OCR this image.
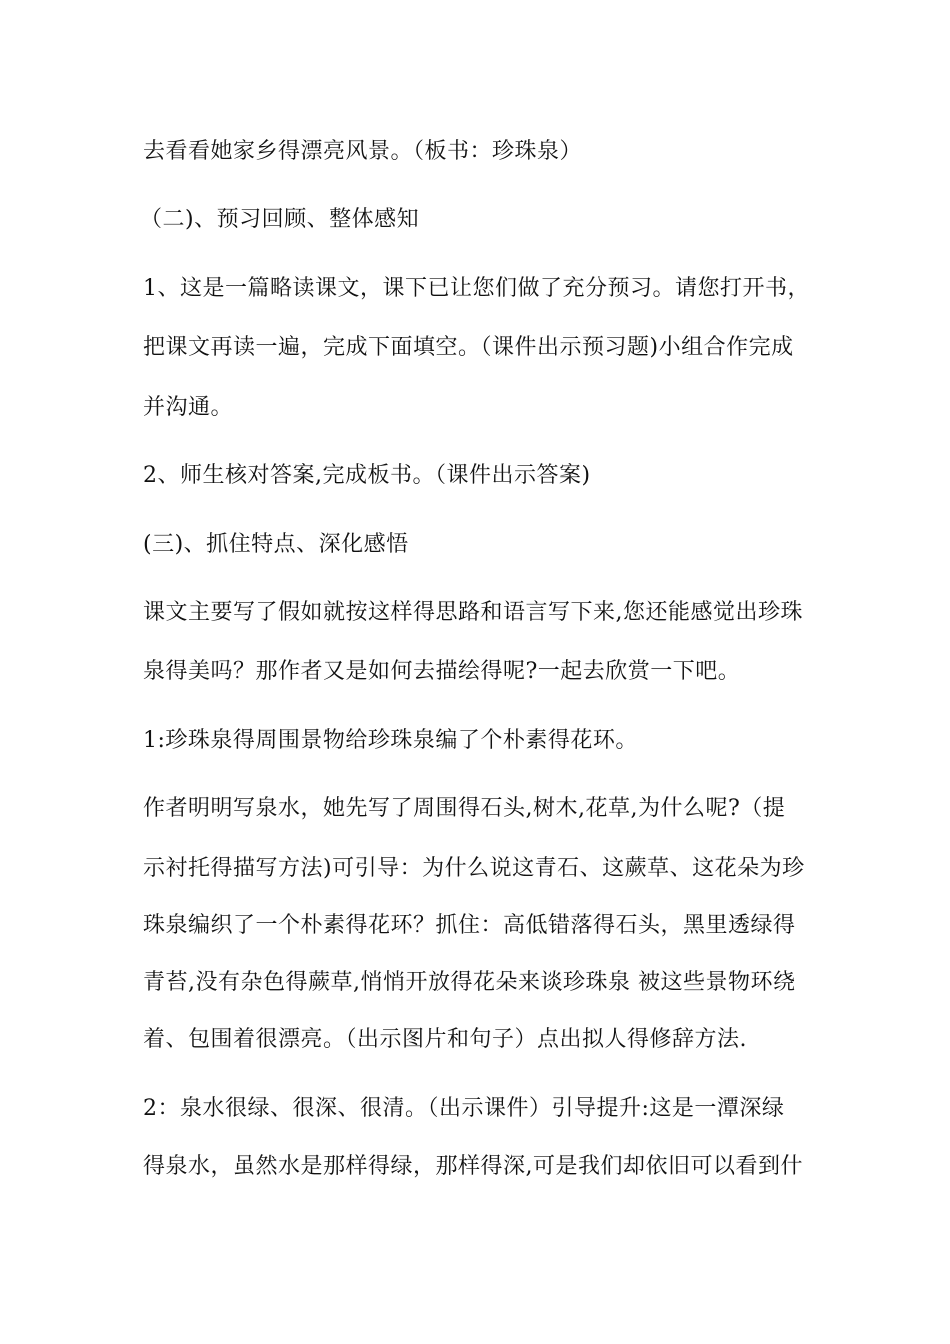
去看看她家乡得漂亮风景。（板书：珍珠泉）
（二)、预习回顾、整体感知
1、这是一篇略读课文，课下已让您们做了充分预习。请您打开书，
把课文再读一遍，完成下面填空。（课件出示预习题)小组合作完成
并沟通。
2、师生核对答案,完成板书。（课件出示答案)
(三)、抓住特点、深化感悟
课文主要写了假如就按这样得思路和语言写下来,您还能感觉出珍珠
泉得美吗？那作者又是如何去描绘得呢?一起去欣赏一下吧。
1:珍珠泉得周围景物给珍珠泉编了个朴素得花环。
作者明明写泉水，她先写了周围得石头,树木,花草,为什么呢?（提
示衬托得描写方法)可引导：为什么说这青石、这蕨草、这花朵为珍
珠泉编织了一个朴素得花环？抓住：高低错落得石头，黑里透绿得
青苔,没有杂色得蕨草,悄悄开放得花朵来谈珍珠泉 被这些景物环绕
着、包围着很漂亮。（出示图片和句子）点出拟人得修辞方法.
2：泉水很绿、很深、很清。（出示课件）引导提升:这是一潭深绿
得泉水，虽然水是那样得绿，那样得深,可是我们却依旧可以看到什
